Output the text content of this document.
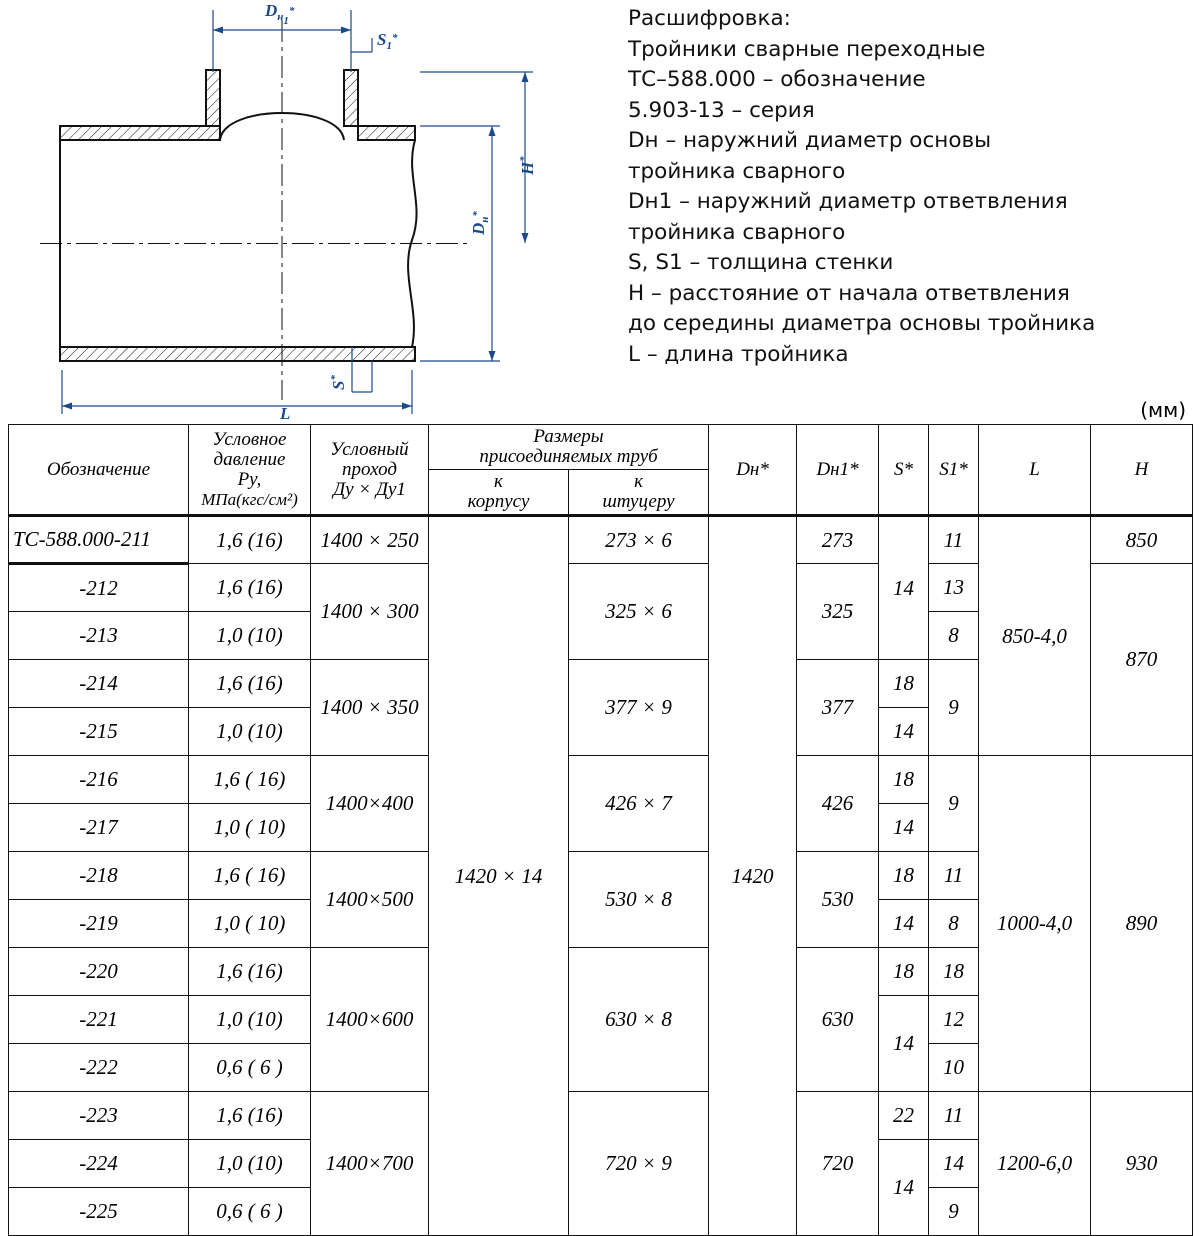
$D_{н1}^*$
$S_1^*$
H*
$D_н^*$
S*
L
Расшифровка:
Тройники сварные переходные
ТС–588.000 – обозначение
5.903-13 – серия
Dн – наружний диаметр основы
тройника сварного
Dн1 – наружний диаметр ответвления
тройника сварного
S, S1 – толщина стенки
Н – расстояние от начала ответвления
до середины диаметра основы тройника
L – длина тройника
(мм)
Обозначение	Условное
давление
Ру,
МПа(кгс/см²)	Условный
проход
Ду × Ду1	Размеры
присоединяемых труб		Dн*	Dн1*	S*	S1*	L	H
			к
корпусу	к
штуцеру						
ТС-588.000-211	1,6 (16)	1400 × 250	1420 × 14	273 × 6	1420	273	14	11	850-4,0	850
-212	1,6 (16)	1400 × 300		325 × 6		325		13		870
-213	1,0 (10)							8		
-214	1,6 (16)	1400 × 350		377 × 9		377	18	9		
-215	1,0 (10)						14			
-216	1,6 ( 16)	1400×400		426 × 7		426	18	9	1000-4,0	890
-217	1,0 ( 10)						14			
-218	1,6 ( 16)	1400×500		530 × 8		530	18	11		
-219	1,0 ( 10)						14	8		
-220	1,6 (16)	1400×600		630 × 8		630	18	18		
-221	1,0 (10)						14	12		
-222	0,6 ( 6 )							10		
-223	1,6 (16)	1400×700		720 × 9		720	22	11	1200-6,0	930
-224	1,0 (10)						14	14		
-225	0,6 ( 6 )							9		
